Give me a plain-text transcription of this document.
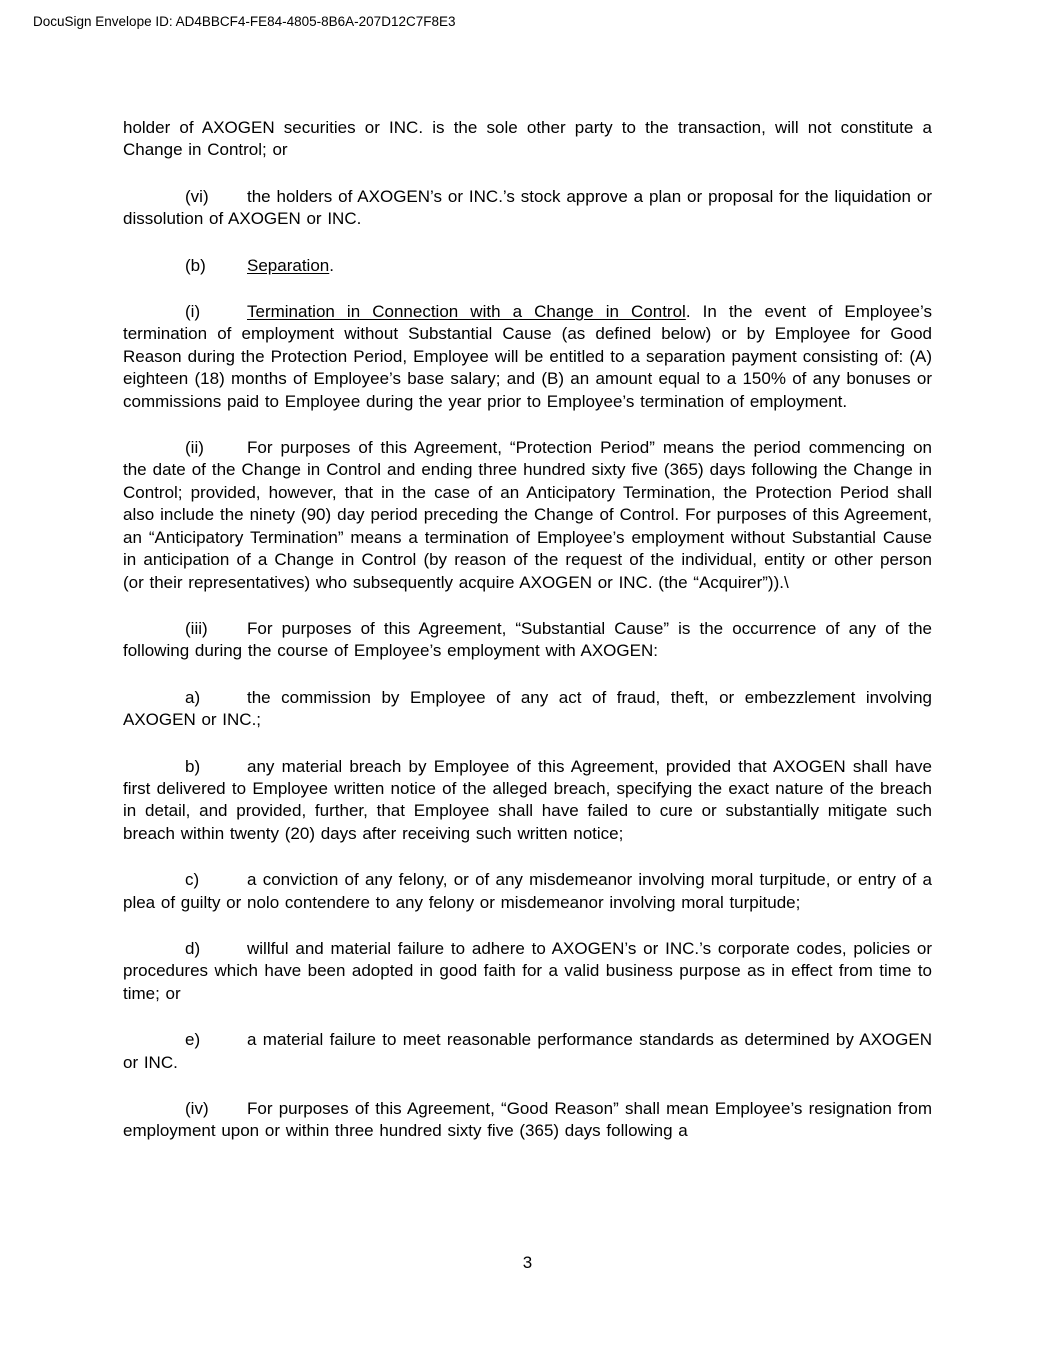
DocuSign Envelope ID: AD4BBCF4-FE84-4805-8B6A-207D12C7F8E3

holder of AXOGEN securities or INC. is the sole other party to the transaction, will not constitute a Change in Control; or

(vi) the holders of AXOGEN’s or INC.’s stock approve a plan or proposal for the liquidation or dissolution of AXOGEN or INC.

(b) Separation.

(i)	Termination in Connection with a Change in Control. In the event of Employee’s termination of employment without Substantial Cause (as defined below) or by Employee for Good Reason during the Protection Period, Employee will be entitled to a separation payment consisting of: (A) eighteen (18) months of Employee’s base salary; and (B) an amount equal to a 150% of any bonuses or commissions paid to Employee during the year prior to Employee’s termination of employment.

(ii)	For purposes of this Agreement, “Protection Period” means the period commencing on the date of the Change in Control and ending three hundred sixty five (365) days following the Change in Control; provided, however, that in the case of an Anticipatory Termination, the Protection Period shall also include the ninety (90) day period preceding the Change of Control. For purposes of this Agreement, an “Anticipatory Termination” means a termination of Employee’s employment without Substantial Cause in anticipation of a Change in Control (by reason of the request of the individual, entity or other person (or their representatives) who subsequently acquire AXOGEN or INC. (the “Acquirer”)).\

(iii) For purposes of this Agreement, “Substantial Cause” is the occurrence of any of the following during the course of Employee’s employment with AXOGEN:

a)	the commission by Employee of any act of fraud, theft, or embezzlement involving AXOGEN or INC.;

b)	any material breach by Employee of this Agreement, provided that AXOGEN shall have first delivered to Employee written notice of the alleged breach, specifying the exact nature of the breach in detail, and provided, further, that Employee shall have failed to cure or substantially mitigate such breach within twenty (20) days after receiving such written notice;

c)	a conviction of any felony, or of any misdemeanor involving moral turpitude, or entry of a plea of guilty or nolo contendere to any felony or misdemeanor involving moral turpitude;

d)	willful and material failure to adhere to AXOGEN’s or INC.’s corporate codes, policies or procedures which have been adopted in good faith for a valid business purpose as in effect from time to time; or

e)	a material failure to meet reasonable performance standards as determined by AXOGEN or INC.

(iv) For purposes of this Agreement, “Good Reason” shall mean Employee’s resignation from employment upon or within three hundred sixty five (365) days following a

3
